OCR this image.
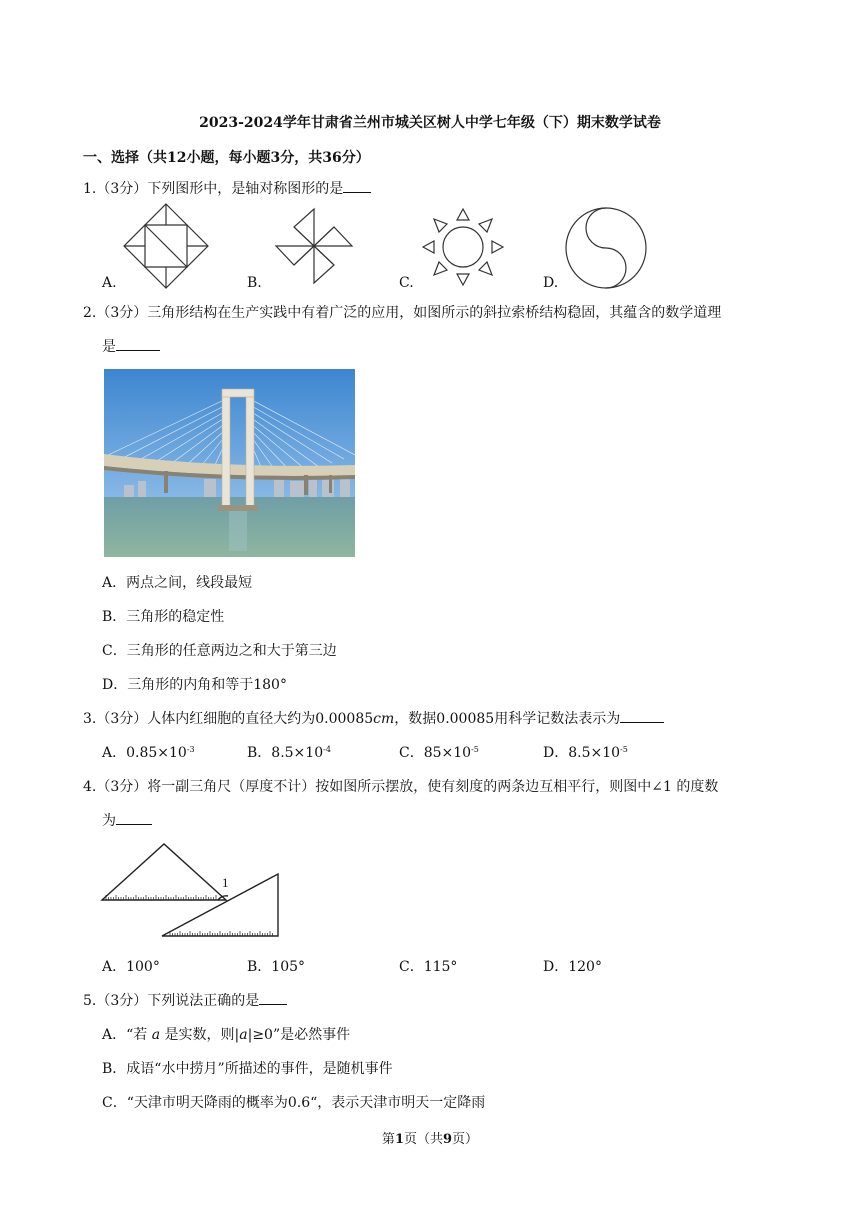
2023-2024学年甘肃省兰州市城关区树人中学七年级（下）期末数学试卷
一、选择（共12小题，每小题3分，共36分）
1.（3分）下列图形中，是轴对称图形的是
A.	B.	C.	D.
2.（3分）三角形结构在生产实践中有着广泛的应用，如图所示的斜拉索桥结构稳固，其蕴含的数学道理
是
A．两点之间，线段最短
B．三角形的稳定性
C．三角形的任意两边之和大于第三边
D．三角形的内角和等于180°
3.（3分）人体内红细胞的直径大约为0.00085cm，数据0.00085用科学记数法表示为
A．$0.85\times 10^{-3}$	B．$8.5\times 10^{-4}$	C．$85\times 10^{-5}$	D．$8.5\times 10^{-5}$
4.（3分）将一副三角尺（厚度不计）按如图所示摆放，使有刻度的两条边互相平行，则图中∠1 的度数
为
1
A．100°	B．105°	C．115°	D．120°
5.（3分）下列说法正确的是
A．“若 a 是实数，则|a|≥0”是必然事件
B．成语“水中捞月”所描述的事件，是随机事件
C．“天津市明天降雨的概率为0.6“，表示天津市明天一定降雨
第1页（共9页）
